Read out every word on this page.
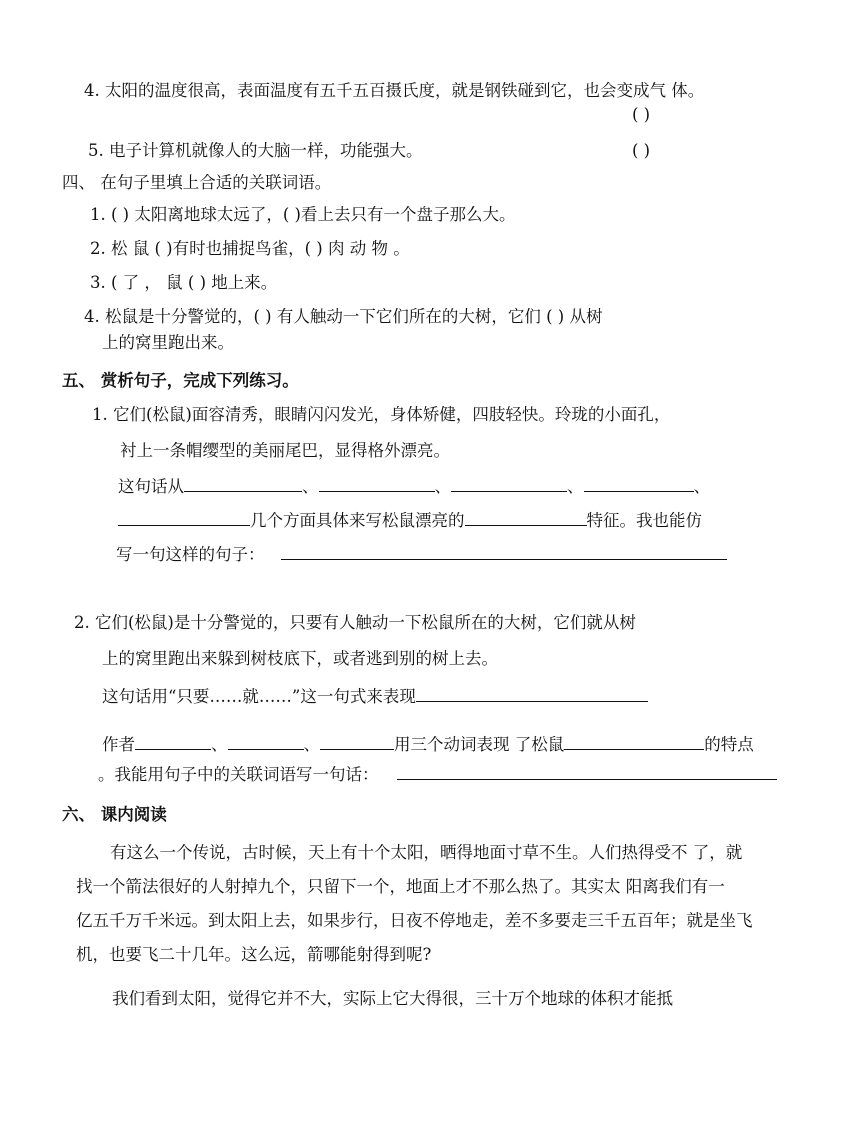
4. 太阳的温度很高，表面温度有五千五百摄氏度，就是钢铁碰到它，也会变成气 体。
( )
5. 电子计算机就像人的大脑一样，功能强大。	( )
四、 在句子里填上合适的关联词语。
1. ( ) 太阳离地球太远了，( )看上去只有一个盘子那么大。
2. 松 鼠 ( )有时也捕捉鸟雀，( ) 肉 动 物 。
3. ( 了 ， 鼠 ( ) 地上来。
4. 松鼠是十分警觉的，( ) 有人触动一下它们所在的大树，它们 ( ) 从树
上的窝里跑出来。
五、 赏析句子，完成下列练习。
1. 它们(松鼠)面容清秀，眼睛闪闪发光，身体矫健，四肢轻快。玲珑的小面孔，
衬上一条帽缨型的美丽尾巴，显得格外漂亮。
这句话从	、	、	、	、
几个方面具体来写松鼠漂亮的	特征。我也能仿
写一句这样的句子：
2. 它们(松鼠)是十分警觉的，只要有人触动一下松鼠所在的大树，它们就从树
上的窝里跑出来躲到树枝底下，或者逃到别的树上去。
这句话用“只要……就……”这一句式来表现
作者	、	、	用三个动词表现 了松鼠	的特点
。我能用句子中的关联词语写一句话：
六、 课内阅读
有这么一个传说，古时候，天上有十个太阳，晒得地面寸草不生。人们热得受不 了，就
找一个箭法很好的人射掉九个，只留下一个，地面上才不那么热了。其实太 阳离我们有一
亿五千万千米远。到太阳上去，如果步行，日夜不停地走，差不多要走三千五百年；就是坐飞
机，也要飞二十几年。这么远，箭哪能射得到呢?
我们看到太阳，觉得它并不大，实际上它大得很，三十万个地球的体积才能抵
